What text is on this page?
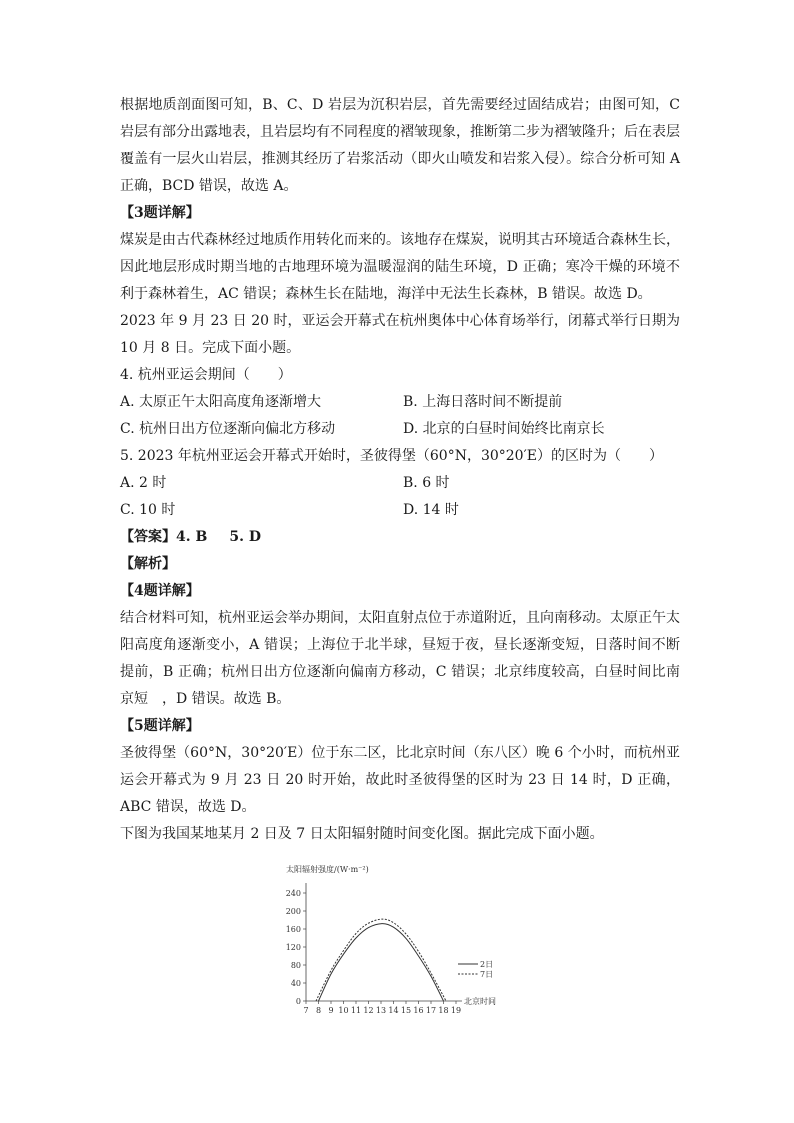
根据地质剖面图可知，B、C、D 岩层为沉积岩层，首先需要经过固结成岩；由图可知，C 岩层有部分出露地表，且岩层均有不同程度的褶皱现象，推断第二步为褶皱隆升；后在表层覆盖有一层火山岩层，推测其经历了岩浆活动（即火山喷发和岩浆入侵）。综合分析可知 A 正确，BCD 错误，故选 A。

【3题详解】

煤炭是由古代森林经过地质作用转化而来的。该地存在煤炭，说明其古环境适合森林生长，因此地层形成时期当地的古地理环境为温暖湿润的陆生环境，D 正确；寒冷干燥的环境不利于森林着生，AC 错误；森林生长在陆地，海洋中无法生长森林，B 错误。故选 D。

2023 年 9 月 23 日 20 时，亚运会开幕式在杭州奥体中心体育场举行，闭幕式举行日期为 10 月 8 日。完成下面小题。

4. 杭州亚运会期间（　　）

A. 太原正午太阳高度角逐渐增大	B. 上海日落时间不断提前
C. 杭州日出方位逐渐向偏北方移动	D. 北京的白昼时间始终比南京长

5. 2023 年杭州亚运会开幕式开始时，圣彼得堡（60°N，30°20′E）的区时为（　　）

A. 2 时	B. 6 时
C. 10 时	D. 14 时

【答案】4. B 5. D

【解析】

【4题详解】

结合材料可知，杭州亚运会举办期间，太阳直射点位于赤道附近，且向南移动。太原正午太阳高度角逐渐变小，A 错误；上海位于北半球，昼短于夜，昼长逐渐变短，日落时间不断提前，B 正确；杭州日出方位逐渐向偏南方移动，C 错误；北京纬度较高，白昼时间比南京短　，D 错误。故选 B。

【5题详解】

圣彼得堡（60°N，30°20′E）位于东二区，比北京时间（东八区）晚 6 个小时，而杭州亚运会开幕式为 9 月 23 日 20 时开始，故此时圣彼得堡的区时为 23 日 14 时，D 正确，ABC 错误，故选 D。

下图为我国某地某月 2 日及 7 日太阳辐射随时间变化图。据此完成下面小题。

太阳辐射强度/(W·m⁻²)
0
40
80
120
160
200
240
7 8 9 10 11 12 13 14 15 16 17 18 19
北京时间
2日
7日
